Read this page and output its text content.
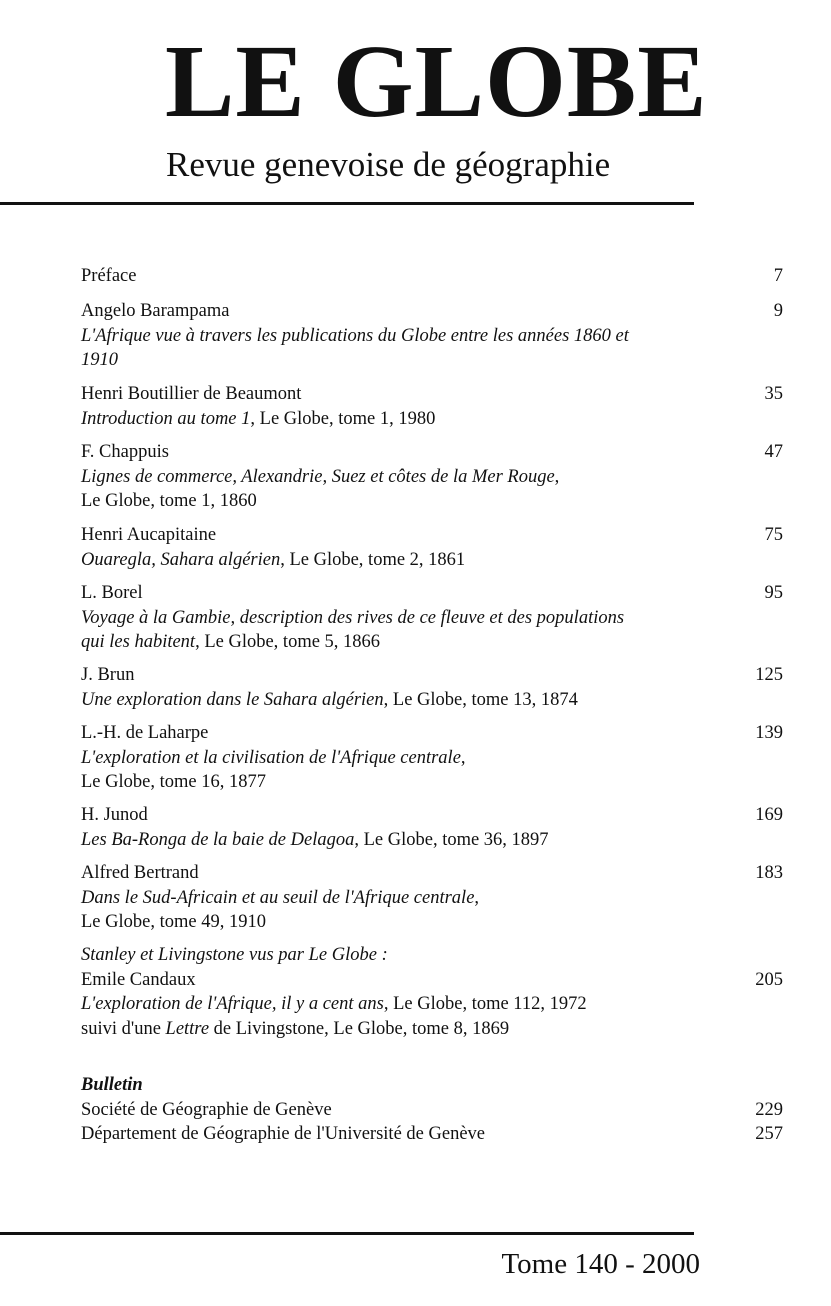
LE GLOBE
Revue genevoise de géographie
Préface	7
Angelo Barampama
L'Afrique vue à travers les publications du Globe entre les années 1860 et
1910
9
Henri Boutillier de Beaumont
Introduction au tome 1, Le Globe, tome 1, 1980
35
F. Chappuis
Lignes de commerce, Alexandrie, Suez et côtes de la Mer Rouge,
Le Globe, tome 1, 1860
47
Henri Aucapitaine
Ouaregla, Sahara algérien, Le Globe, tome 2, 1861
75
L. Borel
Voyage à la Gambie, description des rives de ce fleuve et des populations
qui les habitent, Le Globe, tome 5, 1866
95
J. Brun
Une exploration dans le Sahara algérien, Le Globe, tome 13, 1874
125
L.-H. de Laharpe
L'exploration et la civilisation de l'Afrique centrale,
Le Globe, tome 16, 1877
139
H. Junod
Les Ba-Ronga de la baie de Delagoa, Le Globe, tome 36, 1897
169
Alfred Bertrand
Dans le Sud-Africain et au seuil de l'Afrique centrale,
Le Globe, tome 49, 1910
183
Stanley et Livingstone vus par Le Globe :
Emile Candaux
L'exploration de l'Afrique, il y a cent ans, Le Globe, tome 112, 1972
suivi d'une Lettre de Livingstone, Le Globe, tome 8, 1869
205
Bulletin
Société de Géographie de Genève
Département de Géographie de l'Université de Genève
229
257
Tome 140 - 2000
